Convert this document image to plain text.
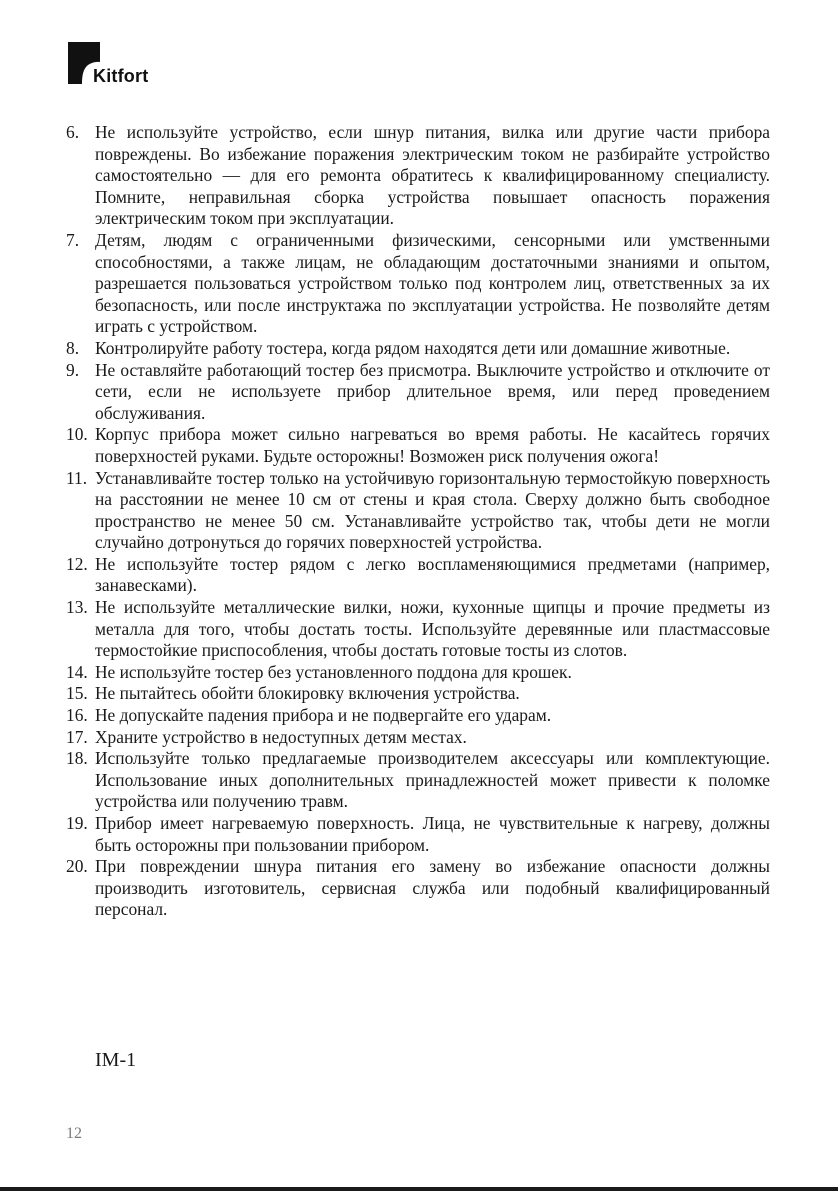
Kitfort
6. Не используйте устройство, если шнур питания, вилка или другие части прибора повреждены. Во избежание поражения электрическим током не разбирайте устройство самостоятельно — для его ремонта обратитесь к квалифицированному специалисту. Помните, неправильная сборка устройства повышает опасность поражения электрическим током при эксплуатации.
7. Детям, людям с ограниченными физическими, сенсорными или умственными способностями, а также лицам, не обладающим достаточными знаниями и опытом, разрешается пользоваться устройством только под контролем лиц, ответственных за их безопасность, или после инструктажа по эксплуатации устройства. Не позволяйте детям играть с устройством.
8. Контролируйте работу тостера, когда рядом находятся дети или домашние животные.
9. Не оставляйте работающий тостер без присмотра. Выключите устройство и отключите от сети, если не используете прибор длительное время, или перед проведением обслуживания.
10. Корпус прибора может сильно нагреваться во время работы. Не касайтесь горячих поверхностей руками. Будьте осторожны! Возможен риск получения ожога!
11. Устанавливайте тостер только на устойчивую горизонтальную термостойкую поверхность на расстоянии не менее 10 см от стены и края стола. Сверху должно быть свободное пространство не менее 50 см. Устанавливайте устройство так, чтобы дети не могли случайно дотронуться до горячих поверхностей устройства.
12. Не используйте тостер рядом с легко воспламеняющимися предметами (например, занавесками).
13. Не используйте металлические вилки, ножи, кухонные щипцы и прочие предметы из металла для того, чтобы достать тосты. Используйте деревянные или пластмассовые термостойкие приспособления, чтобы достать готовые тосты из слотов.
14. Не используйте тостер без установленного поддона для крошек.
15. Не пытайтесь обойти блокировку включения устройства.
16. Не допускайте падения прибора и не подвергайте его ударам.
17. Храните устройство в недоступных детям местах.
18. Используйте только предлагаемые производителем аксессуары или комплектующие. Использование иных дополнительных принадлежностей может привести к поломке устройства или получению травм.
19. Прибор имеет нагреваемую поверхность. Лица, не чувствительные к нагреву, должны быть осторожны при пользовании прибором.
20. При повреждении шнура питания его замену во избежание опасности должны производить изготовитель, сервисная служба или подобный квалифицированный персонал.
IM-1
12
